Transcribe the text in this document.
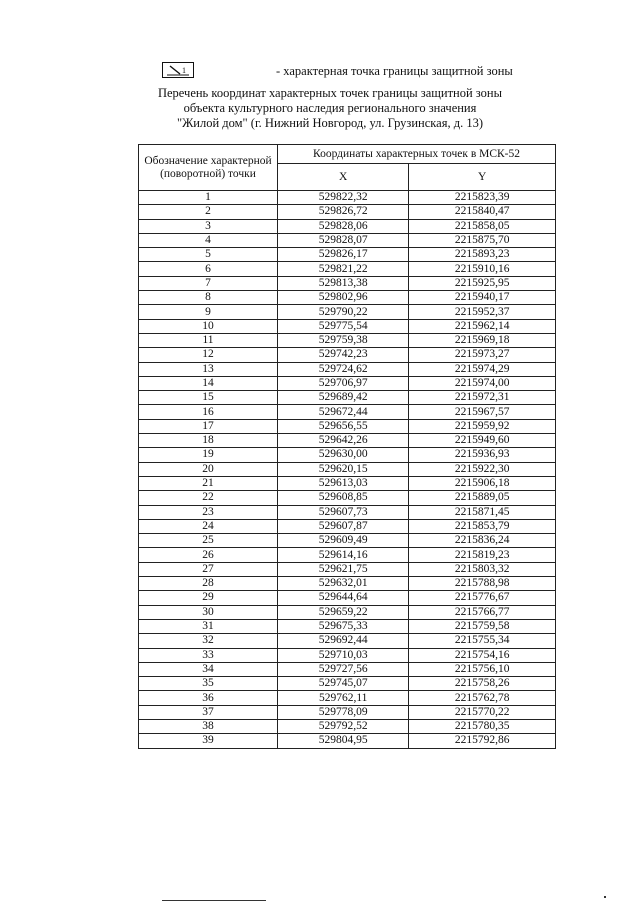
1	- характерная точка границы защитной зоны
Перечень координат характерных точек границы защитной зоны
объекта культурного наследия регионального значения
"Жилой дом" (г. Нижний Новгород, ул. Грузинская, д. 13)
Обозначение характерной (поворотной) точки	Координаты характерных точек в МСК-52	
	X	Y
1	529822,32	2215823,39
2	529826,72	2215840,47
3	529828,06	2215858,05
4	529828,07	2215875,70
5	529826,17	2215893,23
6	529821,22	2215910,16
7	529813,38	2215925,95
8	529802,96	2215940,17
9	529790,22	2215952,37
10	529775,54	2215962,14
11	529759,38	2215969,18
12	529742,23	2215973,27
13	529724,62	2215974,29
14	529706,97	2215974,00
15	529689,42	2215972,31
16	529672,44	2215967,57
17	529656,55	2215959,92
18	529642,26	2215949,60
19	529630,00	2215936,93
20	529620,15	2215922,30
21	529613,03	2215906,18
22	529608,85	2215889,05
23	529607,73	2215871,45
24	529607,87	2215853,79
25	529609,49	2215836,24
26	529614,16	2215819,23
27	529621,75	2215803,32
28	529632,01	2215788,98
29	529644,64	2215776,67
30	529659,22	2215766,77
31	529675,33	2215759,58
32	529692,44	2215755,34
33	529710,03	2215754,16
34	529727,56	2215756,10
35	529745,07	2215758,26
36	529762,11	2215762,78
37	529778,09	2215770,22
38	529792,52	2215780,35
39	529804,95	2215792,86
